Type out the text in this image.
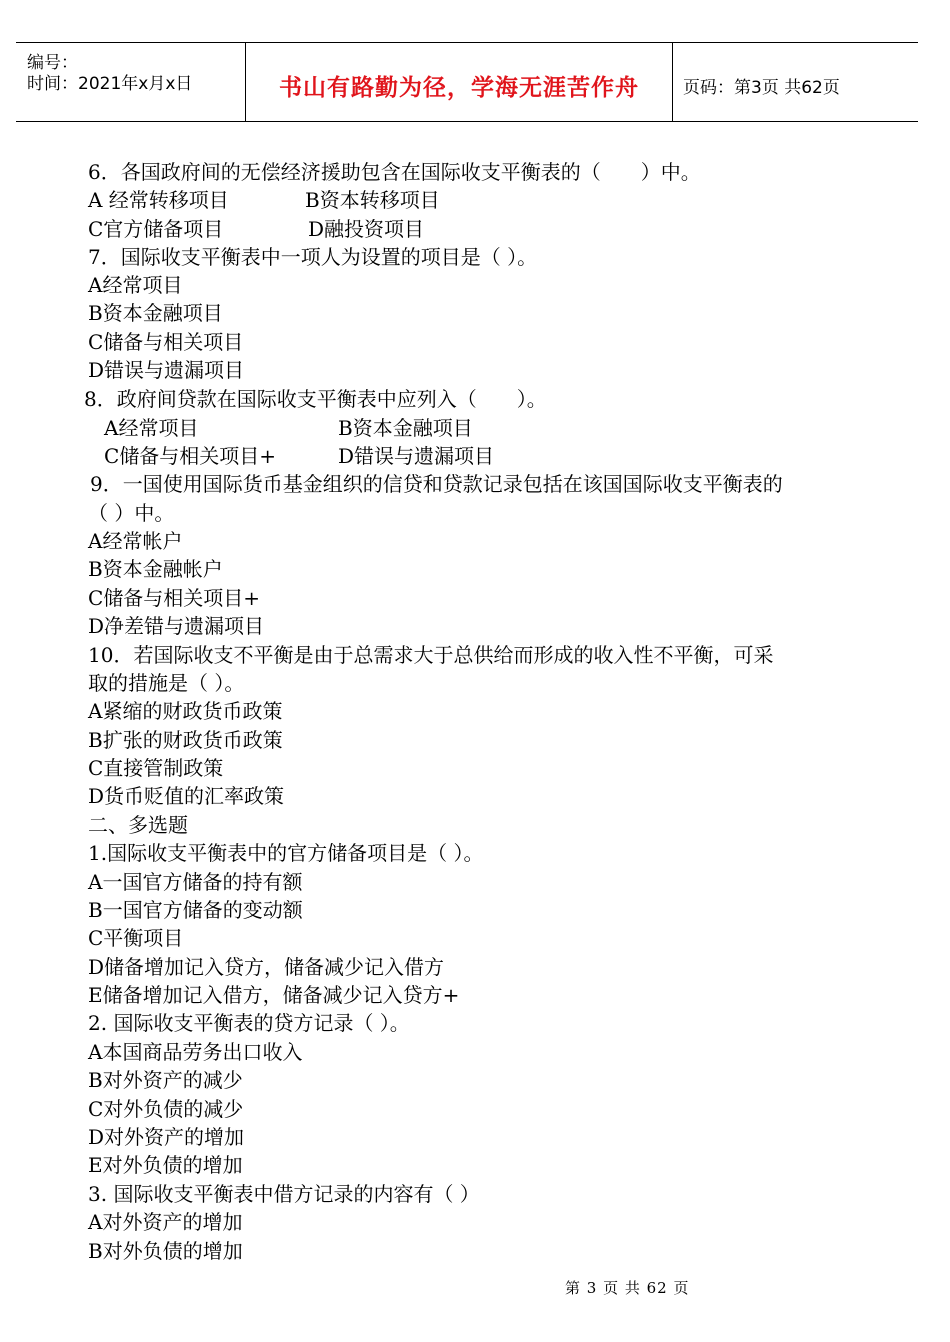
编号：
时间：2021年x月x日	书山有路勤为径，学海无涯苦作舟	页码：第3页 共62页
6．各国政府间的无偿经济援助包含在国际收支平衡表的（　　）中。
A 经常转移项目	B资本转移项目
C官方储备项目	D融投资项目
7．国际收支平衡表中一项人为设置的项目是（ ）。
A经常项目
B资本金融项目
C储备与相关项目
D错误与遗漏项目
8．政府间贷款在国际收支平衡表中应列入（　　）。
A经常项目	B资本金融项目
C储备与相关项目+	D错误与遗漏项目
9．一国使用国际货币基金组织的信贷和贷款记录包括在该国国际收支平衡表的
（ ）中。
A经常帐户
B资本金融帐户
C储备与相关项目+
D净差错与遗漏项目
10．若国际收支不平衡是由于总需求大于总供给而形成的收入性不平衡，可采
取的措施是（ ）。
A紧缩的财政货币政策
B扩张的财政货币政策
C直接管制政策
D货币贬值的汇率政策
二、多选题
1.国际收支平衡表中的官方储备项目是（ ）。
A一国官方储备的持有额
B一国官方储备的变动额
C平衡项目
D储备增加记入贷方，储备减少记入借方
E储备增加记入借方，储备减少记入贷方+
2. 国际收支平衡表的贷方记录（ ）。
A本国商品劳务出口收入
B对外资产的减少
C对外负债的减少
D对外资产的增加
E对外负债的增加
3. 国际收支平衡表中借方记录的内容有（ ）
A对外资产的增加
B对外负债的增加
第 3 页 共 62 页
